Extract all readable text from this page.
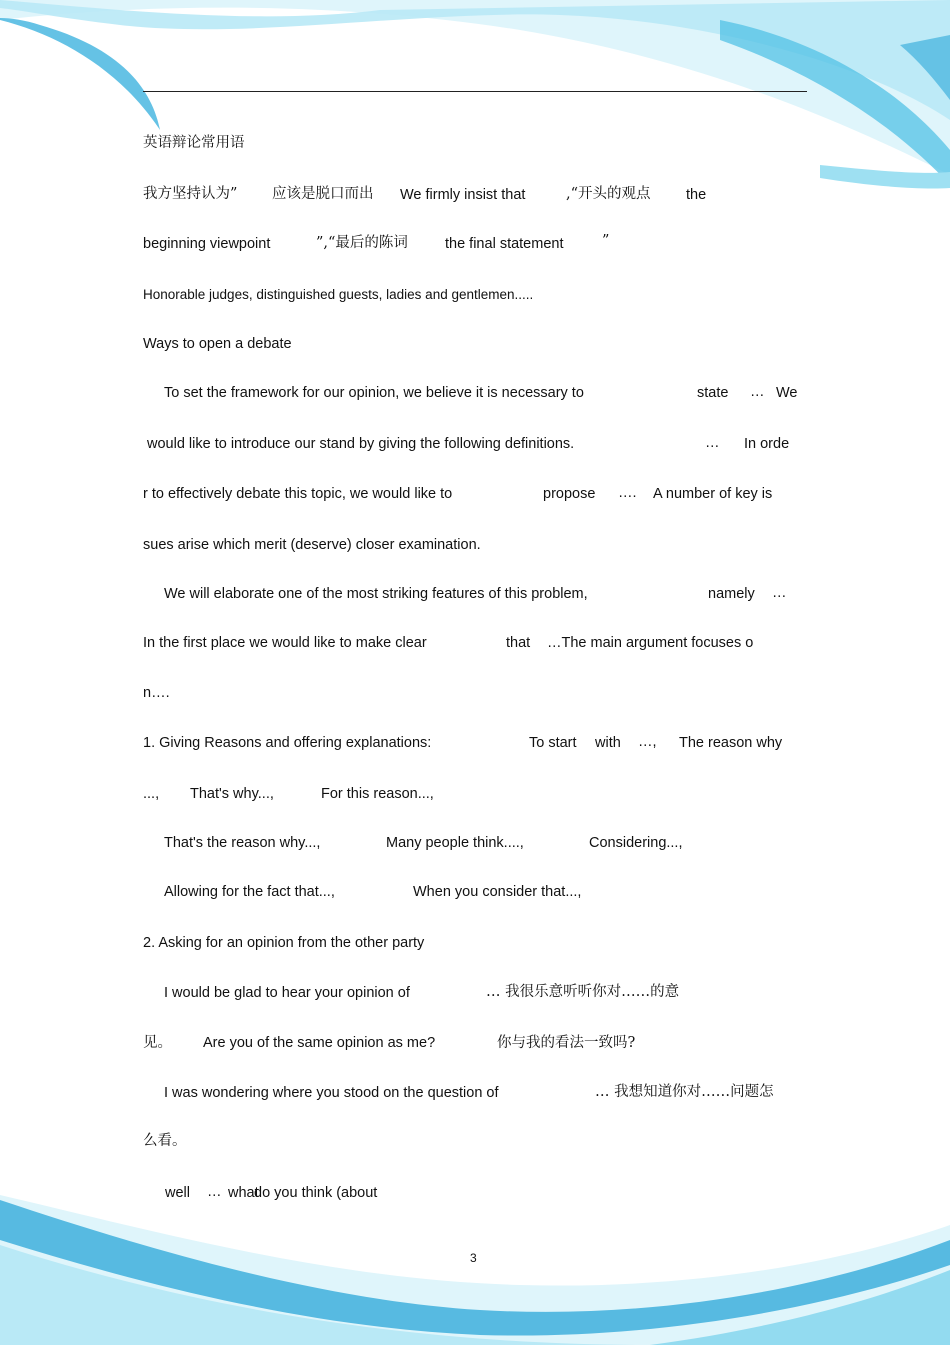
英语辩论常用语
我方坚持认为” 应该是脱口而出 We firmly insist that	,“开头的观点 the
beginning viewpoint	”,“最后的陈词	the final statement	”
Honorable judges, distinguished guests, ladies and gentlemen.....
Ways to open a debate
To set the framework for our opinion, we believe it is necessary to	state … We
would like to introduce our stand by giving the following definitions.	… In orde
r to effectively debate this topic, we would like to	propose …. A number of key is
sues arise which merit (deserve) closer examination.
We will elaborate one of the most striking features of this problem,	namely …
In the first place we would like to make clear	that …The main argument focuses o
n….
1. Giving Reasons and offering explanations:	To start with …, The reason why
..., That's why...,	For this reason...,
That's the reason why...,	Many people think....,	Considering...,
Allowing for the fact that...,	When you consider that...,
2. Asking for an opinion from the other party
I would be glad to hear your opinion of	… 我很乐意听听你对……的意
见。 Are you of the same opinion as me?	你与我的看法一致吗?
I was wondering where you stood on the question of	… 我想知道你对……问题怎
么看。
well … what
do you think (about
3
